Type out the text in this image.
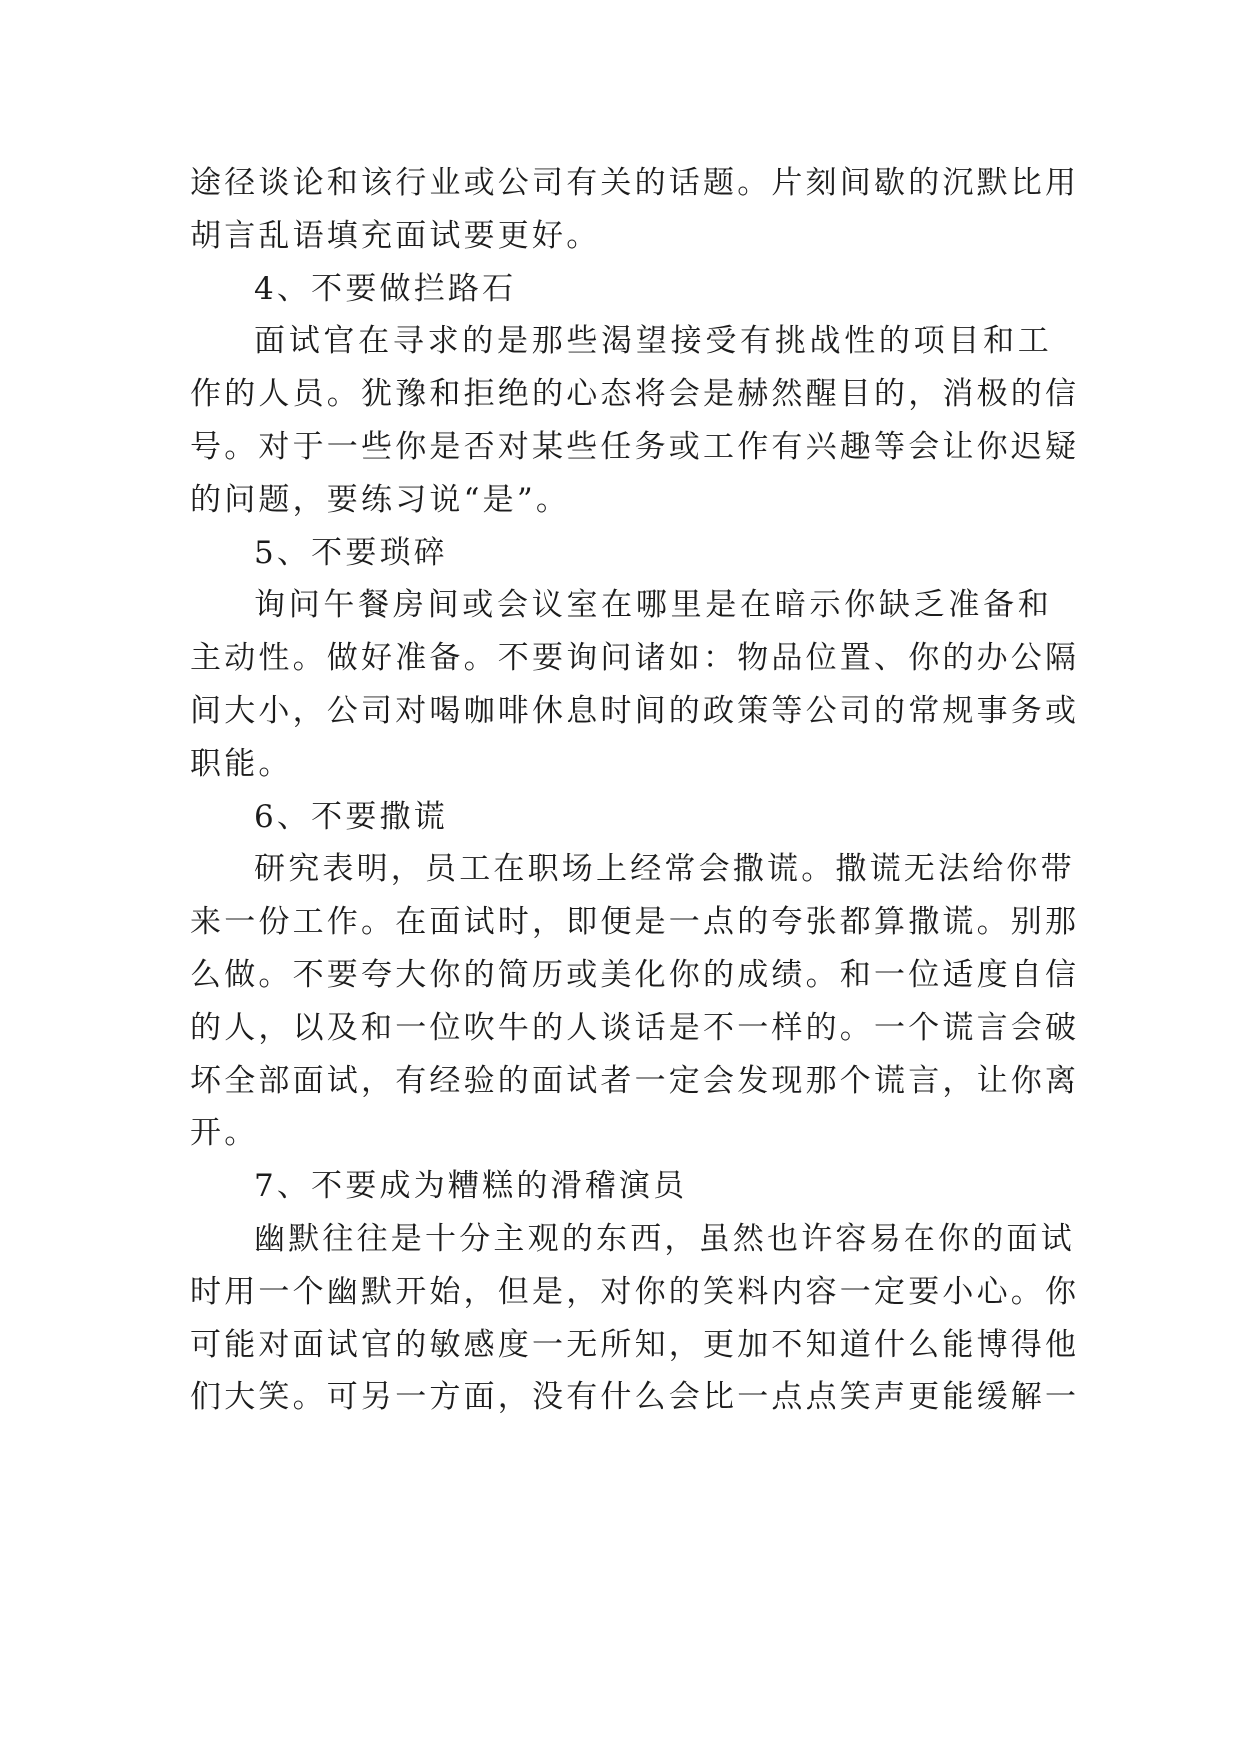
途径谈论和该行业或公司有关的话题。片刻间歇的沉默比用
胡言乱语填充面试要更好。
4、不要做拦路石
面试官在寻求的是那些渴望接受有挑战性的项目和工
作的人员。犹豫和拒绝的心态将会是赫然醒目的，消极的信
号。对于一些你是否对某些任务或工作有兴趣等会让你迟疑
的问题，要练习说“是”。
5、不要琐碎
询问午餐房间或会议室在哪里是在暗示你缺乏准备和
主动性。做好准备。不要询问诸如：物品位置、你的办公隔
间大小，公司对喝咖啡休息时间的政策等公司的常规事务或
职能。
6、不要撒谎
研究表明，员工在职场上经常会撒谎。撒谎无法给你带
来一份工作。在面试时，即便是一点的夸张都算撒谎。别那
么做。不要夸大你的简历或美化你的成绩。和一位适度自信
的人，以及和一位吹牛的人谈话是不一样的。一个谎言会破
坏全部面试，有经验的面试者一定会发现那个谎言，让你离
开。
7、不要成为糟糕的滑稽演员
幽默往往是十分主观的东西，虽然也许容易在你的面试
时用一个幽默开始，但是，对你的笑料内容一定要小心。你
可能对面试官的敏感度一无所知，更加不知道什么能博得他
们大笑。可另一方面，没有什么会比一点点笑声更能缓解一
